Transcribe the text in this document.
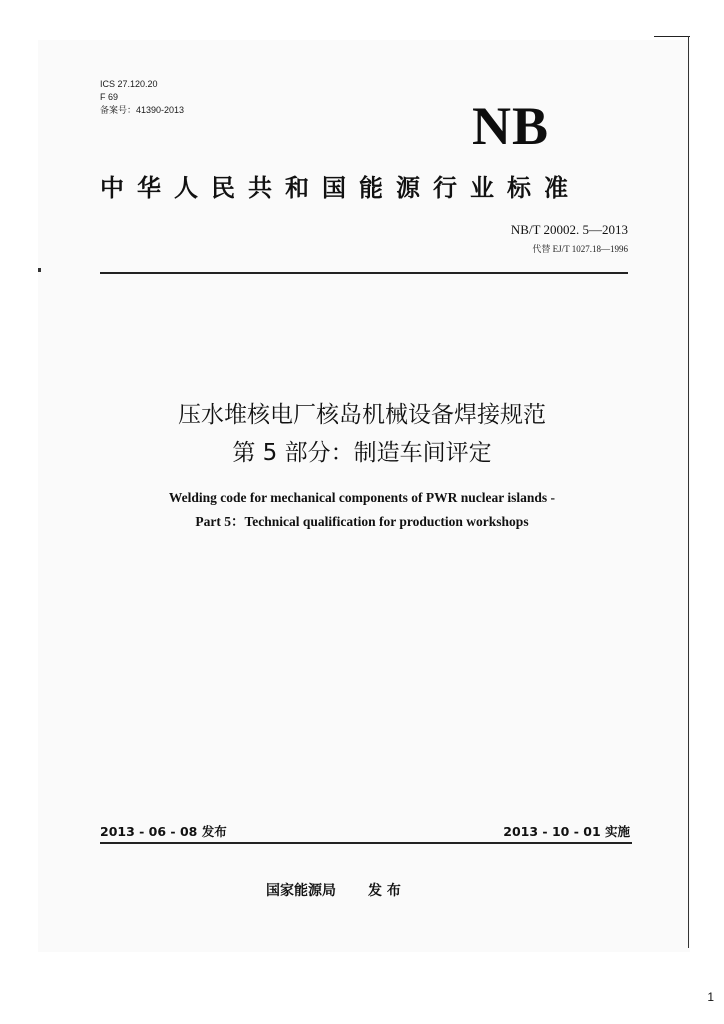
ICS 27.120.20
F 69
备案号：41390-2013	NB
中华人民共和国能源行业标准
NB/T 20002. 5—2013
代替 EJ/T 1027.18—1996
压水堆核电厂核岛机械设备焊接规范
第 5 部分：制造车间评定
Welding code for mechanical components of PWR nuclear islands -
Part 5：Technical qualification for production workshops
2013 - 06 - 08 发布	2013 - 10 - 01 实施
国家能源局 发 布
1
